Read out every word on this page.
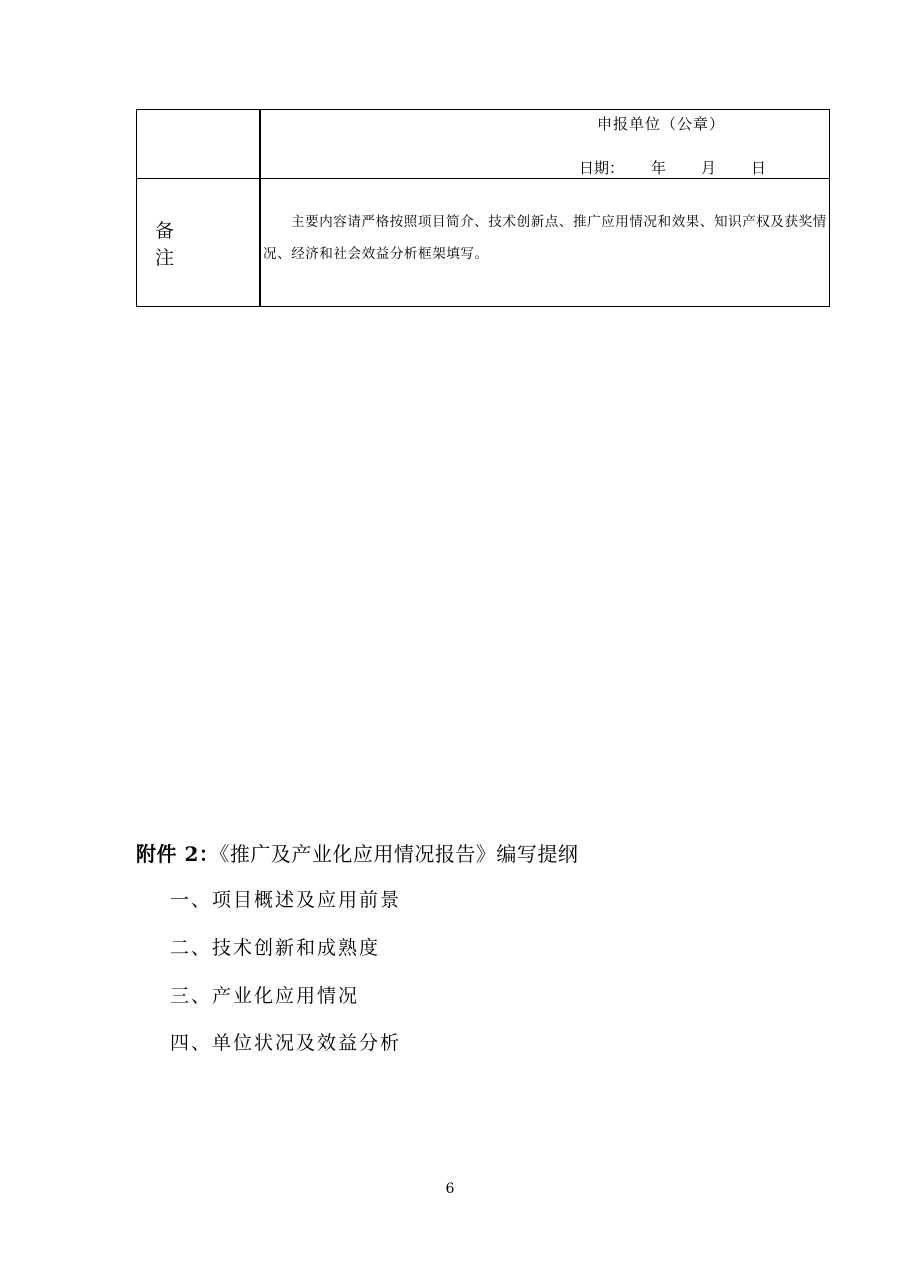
申报单位（公章）
日期： 年 月 日
备 注
主要内容请严格按照项目简介、技术创新点、推广应用情况和效果、知识产权及获奖情况、经济和社会效益分析框架填写。
附件 2：《推广及产业化应用情况报告》编写提纲
一、项目概述及应用前景
二、技术创新和成熟度
三、产业化应用情况
四、单位状况及效益分析
6
